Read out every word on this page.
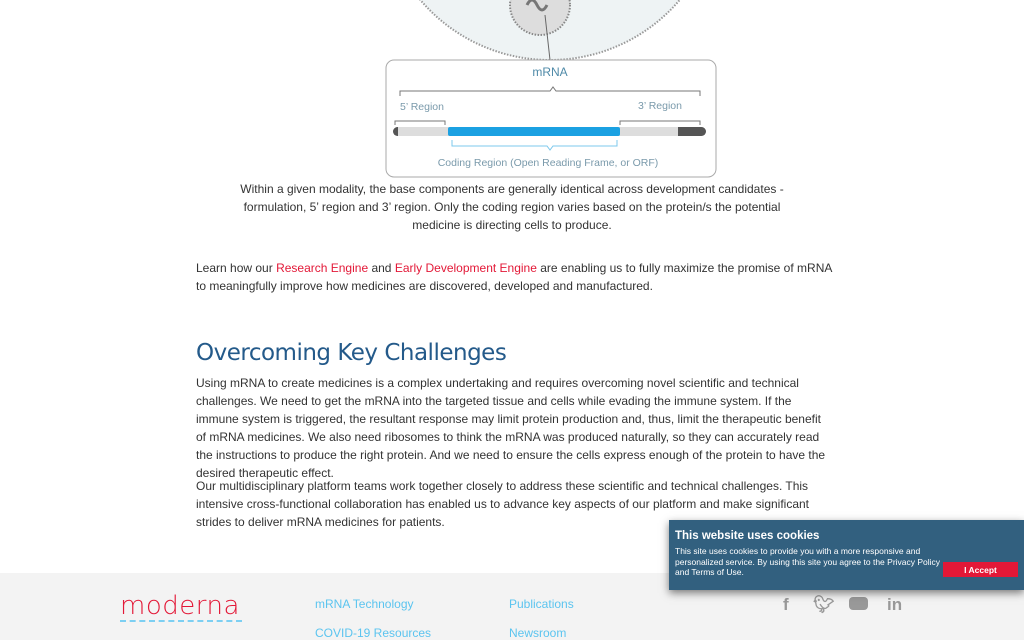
mRNA
5’ Region	3’ Region
Coding Region (Open Reading Frame, or ORF)
Within a given modality, the base components are generally identical across development candidates - formulation, 5’ region and 3’ region. Only the coding region varies based on the protein/s the potential medicine is directing cells to produce.
Learn how our Research Engine and Early Development Engine are enabling us to fully maximize the promise of mRNA to meaningfully improve how medicines are discovered, developed and manufactured.
Overcoming Key Challenges
Using mRNA to create medicines is a complex undertaking and requires overcoming novel scientific and technical challenges. We need to get the mRNA into the targeted tissue and cells while evading the immune system. If the immune system is triggered, the resultant response may limit protein production and, thus, limit the therapeutic benefit of mRNA medicines. We also need ribosomes to think the mRNA was produced naturally, so they can accurately read the instructions to produce the right protein. And we need to ensure the cells express enough of the protein to have the desired therapeutic effect.
Our multidisciplinary platform teams work together closely to address these scientific and technical challenges. This intensive cross-functional collaboration has enabled us to advance key aspects of our platform and make significant strides to deliver mRNA medicines for patients.
moderna	mRNA Technology
COVID-19 Resources
Publications
Newsroom
f 🐦︎	in
This website uses cookies

This site uses cookies to provide you with a more responsive and personalized service. By using this site you agree to the Privacy Policy and Terms of Use.	I Accept
